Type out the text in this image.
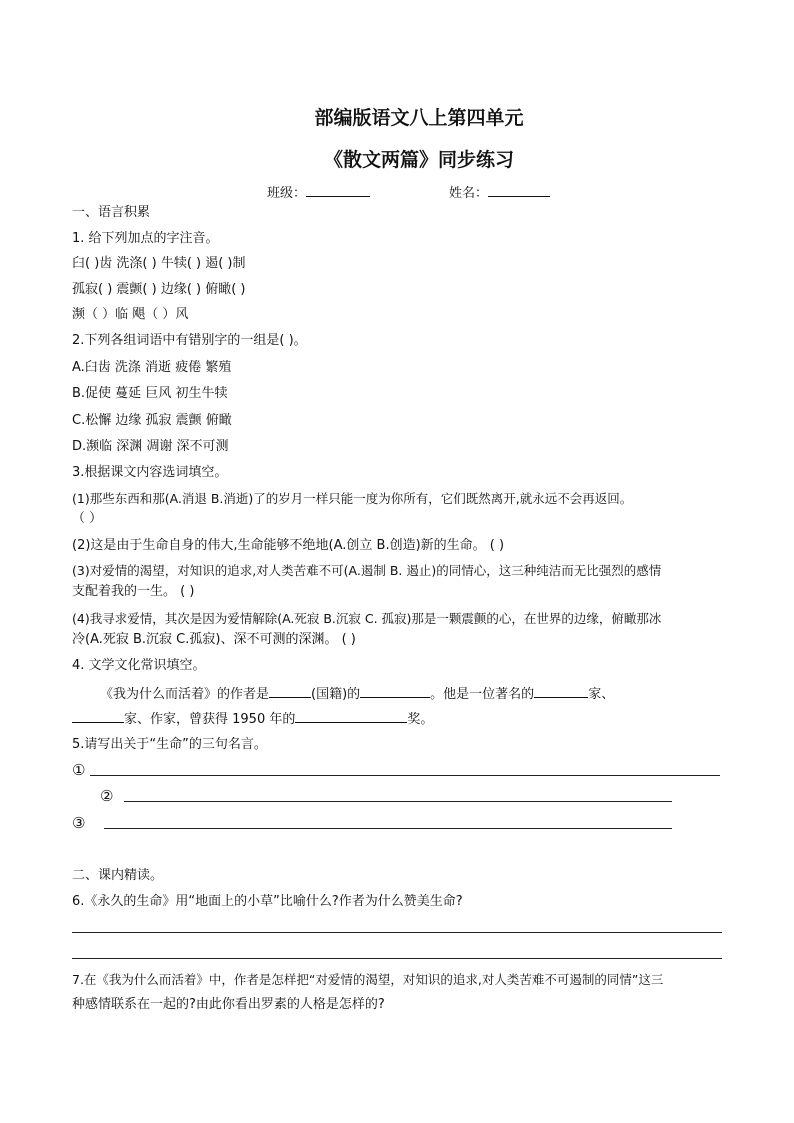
部编版语文八上第四单元
《散文两篇》同步练习
班级：	姓名：
一、语言积累
1. 给下列加点的字注音。
臼( )齿 洗涤( ) 牛犊( ) 遏( )制
孤寂( ) 震颤( ) 边缘( ) 俯瞰( )
濒（ ）临 飓（ ）风
2.下列各组词语中有错别字的一组是( )。
A.臼齿 洗涤 消逝 疲倦 繁殖
B.促使 蔓延 巨风 初生牛犊
C.松懈 边缘 孤寂 震颤 俯瞰
D.濒临 深渊 凋谢 深不可测
3.根据课文内容选词填空。
(1)那些东西和那(A.消退 B.消逝)了的岁月一样只能一度为你所有，它们既然离开,就永远不会再返回。
（ ）
(2)这是由于生命自身的伟大,生命能够不绝地(A.创立 B.创造)新的生命。 ( )
(3)对爱情的渴望，对知识的追求,对人类苦难不可(A.遏制 B. 遏止)的同情心，这三种纯洁而无比强烈的感情
支配着我的一生。 ( )
(4)我寻求爱情，其次是因为爱情解除(A.死寂 B.沉寂 C. 孤寂)那是一颗震颤的心，在世界的边缘，俯瞰那冰
冷(A.死寂 B.沉寂 C.孤寂)、深不可测的深渊。 ( )
4. 文学文化常识填空。
《我为什么而活着》的作者是	(国籍)的	。他是一位著名的	家、
家、作家，曾获得 1950 年的	奖。
5.请写出关于“生命”的三句名言。
①
②
③
二、课内精读。
6.《永久的生命》用“地面上的小草”比喻什么?作者为什么赞美生命?
7.在《我为什么而活着》中，作者是怎样把“对爱情的渴望，对知识的追求,对人类苦难不可遏制的同情”这三
种感情联系在一起的?由此你看出罗素的人格是怎样的?
